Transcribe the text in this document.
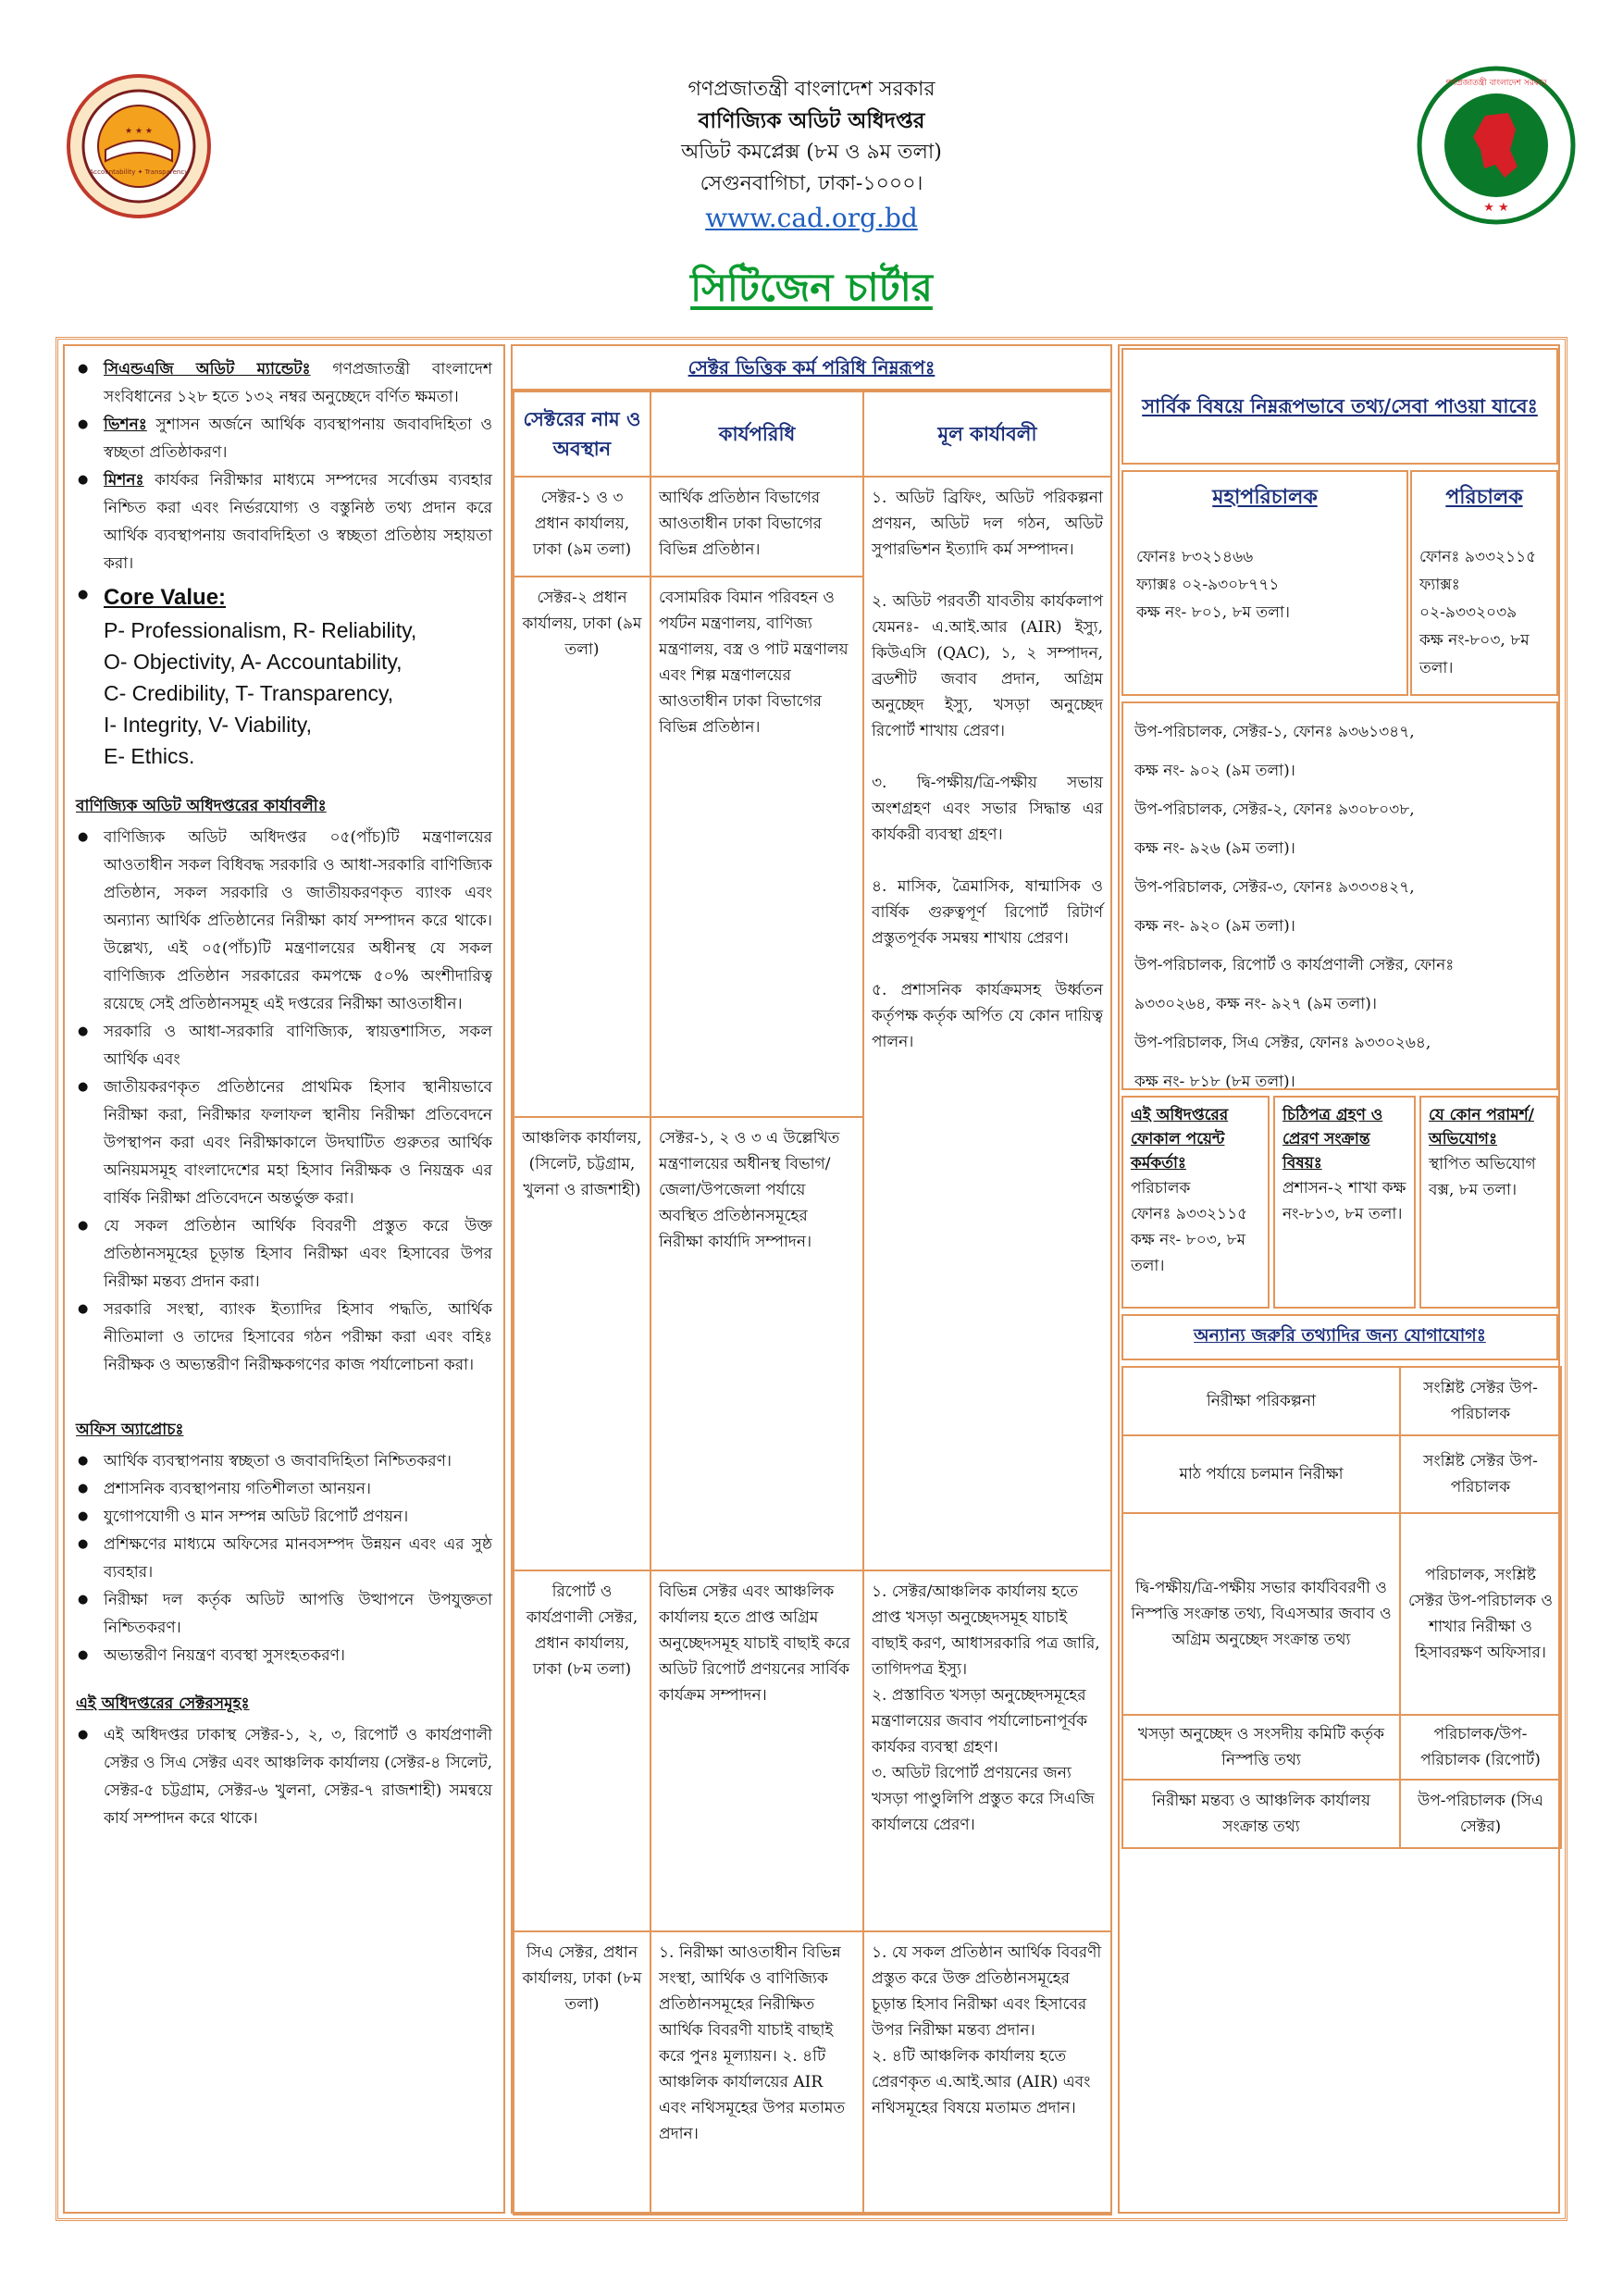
★ ★ ★
Accountability ✦ Transparency
গণপ্রজাতন্ত্রী বাংলাদেশ সরকার
বাণিজ্যিক অডিট অধিদপ্তর
অডিট কমপ্লেক্স (৮ম ও ৯ম তলা)
সেগুনবাগিচা, ঢাকা-১০০০।
www.cad.org.bd	★ ★
গণপ্রজাতন্ত্রী বাংলাদেশ সরকার
সিটিজেন চার্টার
● সিএন্ডএজি অডিট ম্যান্ডেটঃ গণপ্রজাতন্ত্রী বাংলাদেশ সংবিধানের ১২৮ হতে ১৩২ নম্বর অনুচ্ছেদে বর্ণিত ক্ষমতা।
● ভিশনঃ সুশাসন অর্জনে আর্থিক ব্যবস্থাপনায় জবাবদিহিতা ও স্বচ্ছতা প্রতিষ্ঠাকরণ।
● মিশনঃ কার্যকর নিরীক্ষার মাধ্যমে সম্পদের সর্বোত্তম ব্যবহার নিশ্চিত করা এবং নির্ভরযোগ্য ও বস্তুনিষ্ঠ তথ্য প্রদান করে আর্থিক ব্যবস্থাপনায় জবাবদিহিতা ও স্বচ্ছতা প্রতিষ্ঠায় সহায়তা করা।
● Core Value:
P- Professionalism, R- Reliability,
O- Objectivity, A- Accountability,
C- Credibility, T- Transparency,
I- Integrity, V- Viability,
E- Ethics.
বাণিজ্যিক অডিট অধিদপ্তরের কার্যাবলীঃ
● বাণিজ্যিক অডিট অধিদপ্তর ০৫(পাঁচ)টি মন্ত্রণালয়ের আওতাধীন সকল বিধিবদ্ধ সরকারি ও আধা-সরকারি বাণিজ্যিক প্রতিষ্ঠান, সকল সরকারি ও জাতীয়করণকৃত ব্যাংক এবং অন্যান্য আর্থিক প্রতিষ্ঠানের নিরীক্ষা কার্য সম্পাদন করে থাকে। উল্লেখ্য, এই ০৫(পাঁচ)টি মন্ত্রণালয়ের অধীনস্থ যে সকল বাণিজ্যিক প্রতিষ্ঠান সরকারের কমপক্ষে ৫০% অংশীদারিত্ব রয়েছে সেই প্রতিষ্ঠানসমূহ এই দপ্তরের নিরীক্ষা আওতাধীন।
● সরকারি ও আধা-সরকারি বাণিজ্যিক, স্বায়ত্তশাসিত, সকল আর্থিক এবং
● জাতীয়করণকৃত প্রতিষ্ঠানের প্রাথমিক হিসাব স্থানীয়ভাবে নিরীক্ষা করা, নিরীক্ষার ফলাফল স্থানীয় নিরীক্ষা প্রতিবেদনে উপস্থাপন করা এবং নিরীক্ষাকালে উদঘাটিত গুরুতর আর্থিক অনিয়মসমূহ বাংলাদেশের মহা হিসাব নিরীক্ষক ও নিয়ন্ত্রক এর বার্ষিক নিরীক্ষা প্রতিবেদনে অন্তর্ভুক্ত করা।
● যে সকল প্রতিষ্ঠান আর্থিক বিবরণী প্রস্তুত করে উক্ত প্রতিষ্ঠানসমূহের চূড়ান্ত হিসাব নিরীক্ষা এবং হিসাবের উপর নিরীক্ষা মন্তব্য প্রদান করা।
● সরকারি সংস্থা, ব্যাংক ইত্যাদির হিসাব পদ্ধতি, আর্থিক নীতিমালা ও তাদের হিসাবের গঠন পরীক্ষা করা এবং বহিঃ নিরীক্ষক ও অভ্যন্তরীণ নিরীক্ষকগণের কাজ পর্যালোচনা করা।
অফিস অ্যাপ্রোচঃ
● আর্থিক ব্যবস্থাপনায় স্বচ্ছতা ও জবাবদিহিতা নিশ্চিতকরণ।
● প্রশাসনিক ব্যবস্থাপনায় গতিশীলতা আনয়ন।
● যুগোপযোগী ও মান সম্পন্ন অডিট রিপোর্ট প্রণয়ন।
● প্রশিক্ষণের মাধ্যমে অফিসের মানবসম্পদ উন্নয়ন এবং এর সুষ্ঠ ব্যবহার।
● নিরীক্ষা দল কর্তৃক অডিট আপত্তি উত্থাপনে উপযুক্ততা নিশ্চিতকরণ।
● অভ্যন্তরীণ নিয়ন্ত্রণ ব্যবস্থা সুসংহতকরণ।
এই অধিদপ্তরের সেক্টরসমূহঃ
● এই অধিদপ্তর ঢাকাস্থ সেক্টর-১, ২, ৩, রিপোর্ট ও কার্যপ্রণালী সেক্টর ও সিএ সেক্টর এবং আঞ্চলিক কার্যালয় (সেক্টর-৪ সিলেট, সেক্টর-৫ চট্টগ্রাম, সেক্টর-৬ খুলনা, সেক্টর-৭ রাজশাহী) সমন্বয়ে কার্য সম্পাদন করে থাকে।
সেক্টর ভিত্তিক কর্ম পরিধি নিম্নরূপঃ
সেক্টরের নাম ও অবস্থান	কার্যপরিধি	মূল কার্যাবলী
সেক্টর-১ ও ৩ প্রধান কার্যালয়, ঢাকা (৯ম তলা)	আর্থিক প্রতিষ্ঠান বিভাগের আওতাধীন ঢাকা বিভাগের বিভিন্ন প্রতিষ্ঠান।	১. অডিট ব্রিফিং, অডিট পরিকল্পনা প্রণয়ন, অডিট দল গঠন, অডিট সুপারভিশন ইত্যাদি কর্ম সম্পাদন।

২. অডিট পরবর্তী যাবতীয় কার্যকলাপ যেমনঃ- এ.আই.আর (AIR) ইস্যু, কিউএসি (QAC), ১, ২ সম্পাদন, ব্রডশীট জবাব প্রদান, অগ্রিম অনুচ্ছেদ ইস্যু, খসড়া অনুচ্ছেদ রিপোর্ট শাখায় প্রেরণ।

৩. দ্বি-পক্ষীয়/ত্রি-পক্ষীয় সভায় অংশগ্রহণ এবং সভার সিদ্ধান্ত এর কার্যকরী ব্যবস্থা গ্রহণ।

৪. মাসিক, ত্রৈমাসিক, ষান্মাসিক ও বার্ষিক গুরুত্বপূর্ণ রিপোর্ট রিটার্ণ প্রস্তুতপূর্বক সমন্বয় শাখায় প্রেরণ।

৫. প্রশাসনিক কার্যক্রমসহ উর্ধ্বতন কর্তৃপক্ষ কর্তৃক অর্পিত যে কোন দায়িত্ব পালন।
সেক্টর-২ প্রধান কার্যালয়, ঢাকা (৯ম তলা)	বেসামরিক বিমান পরিবহন ও পর্যটন মন্ত্রণালয়, বাণিজ্য মন্ত্রণালয়, বস্ত্র ও পাট মন্ত্রণালয় এবং শিল্প মন্ত্রণালয়ের আওতাধীন ঢাকা বিভাগের বিভিন্ন প্রতিষ্ঠান।	
আঞ্চলিক কার্যালয়, (সিলেট, চট্টগ্রাম, খুলনা ও রাজশাহী)	সেক্টর-১, ২ ও ৩ এ উল্লেখিত মন্ত্রণালয়ের অধীনস্থ বিভাগ/জেলা/উপজেলা পর্যায়ে অবস্থিত প্রতিষ্ঠানসমূহের নিরীক্ষা কার্যাদি সম্পাদন।	
রিপোর্ট ও কার্যপ্রণালী সেক্টর, প্রধান কার্যালয়, ঢাকা (৮ম তলা)	বিভিন্ন সেক্টর এবং আঞ্চলিক কার্যালয় হতে প্রাপ্ত অগ্রিম অনুচ্ছেদসমূহ যাচাই বাছাই করে অডিট রিপোর্ট প্রণয়নের সার্বিক কার্যক্রম সম্পাদন।	১. সেক্টর/আঞ্চলিক কার্যালয় হতে প্রাপ্ত খসড়া অনুচ্ছেদসমূহ যাচাই বাছাই করণ, আধাসরকারি পত্র জারি, তাগিদপত্র ইস্যু।
২. প্রস্তাবিত খসড়া অনুচ্ছেদসমূহের মন্ত্রণালয়ের জবাব পর্যালোচনাপূর্বক কার্যকর ব্যবস্থা গ্রহণ।
৩. অডিট রিপোর্ট প্রণয়নের জন্য খসড়া পাণ্ডুলিপি প্রস্তুত করে সিএজি কার্যালয়ে প্রেরণ।
সিএ সেক্টর, প্রধান কার্যালয়, ঢাকা (৮ম তলা)	১. নিরীক্ষা আওতাধীন বিভিন্ন সংস্থা, আর্থিক ও বাণিজ্যিক প্রতিষ্ঠানসমূহের নিরীক্ষিত আর্থিক বিবরণী যাচাই বাছাই করে পুনঃ মূল্যায়ন। ২. ৪টি আঞ্চলিক কার্যালয়ের AIR এবং নথিসমূহের উপর মতামত প্রদান।	১. যে সকল প্রতিষ্ঠান আর্থিক বিবরণী প্রস্তুত করে উক্ত প্রতিষ্ঠানসমূহের চূড়ান্ত হিসাব নিরীক্ষা এবং হিসাবের উপর নিরীক্ষা মন্তব্য প্রদান।
২. ৪টি আঞ্চলিক কার্যালয় হতে প্রেরণকৃত এ.আই.আর (AIR) এবং নথিসমূহের বিষয়ে মতামত প্রদান।
সার্বিক বিষয়ে নিম্নরূপভাবে তথ্য/সেবা পাওয়া যাবেঃ
মহাপরিচালক
ফোনঃ ৮৩২১৪৬৬
ফ্যাক্সঃ ০২-৯৩০৮৭৭১
কক্ষ নং- ৮০১, ৮ম তলা।
পরিচালক
ফোনঃ ৯৩৩২১১৫
ফ্যাক্সঃ ০২-৯৩৩২০৩৯
কক্ষ নং-৮০৩, ৮ম তলা।
উপ-পরিচালক, সেক্টর-১, ফোনঃ ৯৩৬১৩৪৭,
কক্ষ নং- ৯০২ (৯ম তলা)।
উপ-পরিচালক, সেক্টর-২, ফোনঃ ৯৩০৮০৩৮,
কক্ষ নং- ৯২৬ (৯ম তলা)।
উপ-পরিচালক, সেক্টর-৩, ফোনঃ ৯৩৩৩৪২৭,
কক্ষ নং- ৯২০ (৯ম তলা)।
উপ-পরিচালক, রিপোর্ট ও কার্যপ্রণালী সেক্টর, ফোনঃ
৯৩৩০২৬৪, কক্ষ নং- ৯২৭ (৯ম তলা)।
উপ-পরিচালক, সিএ সেক্টর, ফোনঃ ৯৩৩০২৬৪,
কক্ষ নং- ৮১৮ (৮ম তলা)।
এই অধিদপ্তরের ফোকাল পয়েন্ট কর্মকর্তাঃ
পরিচালক
ফোনঃ ৯৩৩২১১৫
কক্ষ নং- ৮০৩, ৮ম তলা।
চিঠিপত্র গ্রহণ ও প্রেরণ সংক্রান্ত বিষয়ঃ
প্রশাসন-২ শাখা কক্ষ নং-৮১৩, ৮ম তলা।
যে কোন পরামর্শ/অভিযোগঃ
স্থাপিত অভিযোগ বক্স, ৮ম তলা।
অন্যান্য জরুরি তথ্যাদির জন্য যোগাযোগঃ
নিরীক্ষা পরিকল্পনা	সংশ্লিষ্ট সেক্টর উপ-পরিচালক
মাঠ পর্যায়ে চলমান নিরীক্ষা	সংশ্লিষ্ট সেক্টর উপ-পরিচালক
দ্বি-পক্ষীয়/ত্রি-পক্ষীয় সভার কার্যবিবরণী ও নিস্পত্তি সংক্রান্ত তথ্য, বিএসআর জবাব ও অগ্রিম অনুচ্ছেদ সংক্রান্ত তথ্য	পরিচালক, সংশ্লিষ্ট সেক্টর উপ-পরিচালক ও শাখার নিরীক্ষা ও হিসাবরক্ষণ অফিসার।
খসড়া অনুচ্ছেদ ও সংসদীয় কমিটি কর্তৃক নিস্পত্তি তথ্য	পরিচালক/উপ-পরিচালক (রিপোর্ট)
নিরীক্ষা মন্তব্য ও আঞ্চলিক কার্যালয় সংক্রান্ত তথ্য	উপ-পরিচালক (সিএ সেক্টর)
